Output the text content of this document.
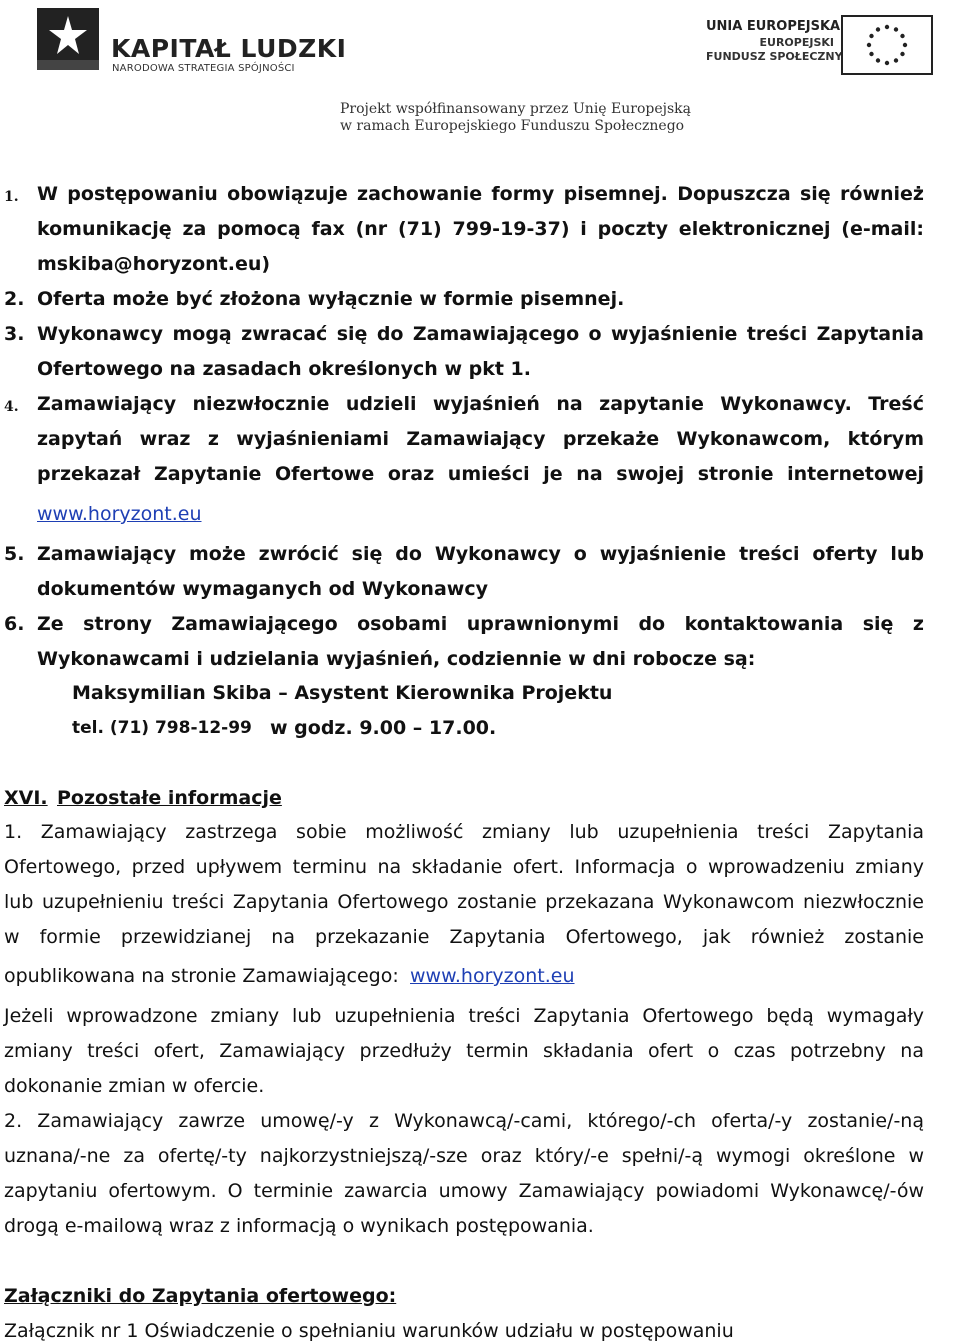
KAPITAŁ LUDZKI
NARODOWA STRATEGIA SPÓJNOŚCI
UNIA EUROPEJSKA
EUROPEJSKI
FUNDUSZ SPOŁECZNY
Projekt współfinansowany przez Unię Europejską
w ramach Europejskiego Funduszu Społecznego
1. W postępowaniu obowiązuje zachowanie formy pisemnej. Dopuszcza się również
komunikację za pomocą fax (nr (71) 799-19-37) i poczty elektronicznej (e-mail:
mskiba@horyzont.eu)
2. Oferta może być złożona wyłącznie w formie pisemnej.
3. Wykonawcy mogą zwracać się do Zamawiającego o wyjaśnienie treści Zapytania
Ofertowego na zasadach określonych w pkt 1.
4. Zamawiający niezwłocznie udzieli wyjaśnień na zapytanie Wykonawcy. Treść
zapytań wraz z wyjaśnieniami Zamawiający przekaże Wykonawcom, którym
przekazał Zapytanie Ofertowe oraz umieści je na swojej stronie internetowej
www.horyzont.eu
5. Zamawiający może zwrócić się do Wykonawcy o wyjaśnienie treści oferty lub
dokumentów wymaganych od Wykonawcy
6. Ze strony Zamawiającego osobami uprawnionymi do kontaktowania się z
Wykonawcami i udzielania wyjaśnień, codziennie w dni robocze są:
Maksymilian Skiba – Asystent Kierownika Projektu
tel. (71) 798-12-99 w godz. 9.00 – 17.00.
XVI. Pozostałe informacje
1. Zamawiający zastrzega sobie możliwość zmiany lub uzupełnienia treści Zapytania
Ofertowego, przed upływem terminu na składanie ofert. Informacja o wprowadzeniu zmiany
lub uzupełnieniu treści Zapytania Ofertowego zostanie przekazana Wykonawcom niezwłocznie
w formie przewidzianej na przekazanie Zapytania Ofertowego, jak również zostanie
opublikowana na stronie Zamawiającego: www.horyzont.eu
Jeżeli wprowadzone zmiany lub uzupełnienia treści Zapytania Ofertowego będą wymagały
zmiany treści ofert, Zamawiający przedłuży termin składania ofert o czas potrzebny na
dokonanie zmian w ofercie.
2. Zamawiający zawrze umowę/-y z Wykonawcą/-cami, którego/-ch oferta/-y zostanie/-ną
uznana/-ne za ofertę/-ty najkorzystniejszą/-sze oraz który/-e spełni/-ą wymogi określone w
zapytaniu ofertowym. O terminie zawarcia umowy Zamawiający powiadomi Wykonawcę/-ów
drogą e-mailową wraz z informacją o wynikach postępowania.
Załączniki do Zapytania ofertowego:
Załącznik nr 1 Oświadczenie o spełnianiu warunków udziału w postępowaniu
